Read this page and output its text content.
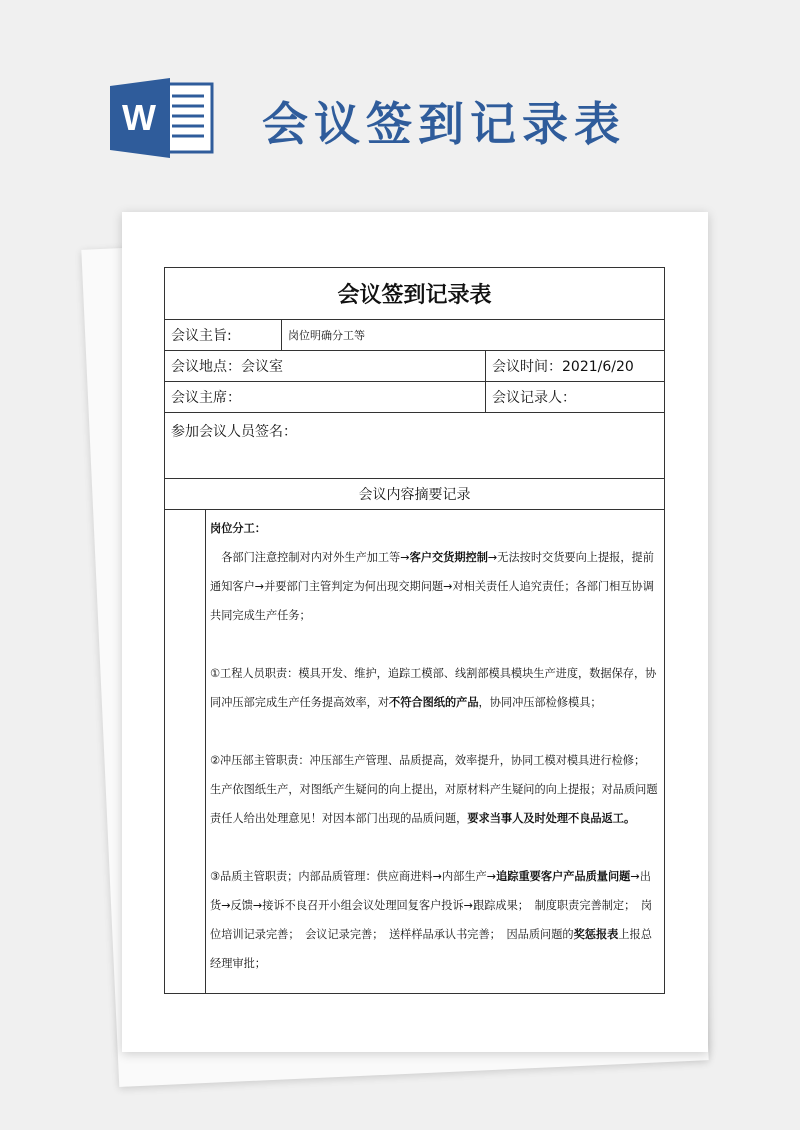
W 会议签到记录表
会议签到记录表
会议主旨:	岗位明确分工等
会议地点：会议室	会议时间：2021/6/20
会议主席：	会议记录人：
参加会议人员签名：
会议内容摘要记录

岗位分工：

　各部门注意控制对内对外生产加工等→客户交货期控制→无法按时交货要向上提报，提前通知客户→并要部门主管判定为何出现交期问题→对相关责任人追究责任；各部门相互协调共同完成生产任务；

①工程人员职责：模具开发、维护，追踪工模部、线割部模具模块生产进度，数据保存，协同冲压部完成生产任务提高效率，对不符合图纸的产品，协同冲压部检修模具；

②冲压部主管职责：冲压部生产管理、品质提高，效率提升，协同工模对模具进行检修；　生产依图纸生产，对图纸产生疑问的向上提出，对原材料产生疑问的向上提报；对品质问题责任人给出处理意见！对因本部门出现的品质问题，要求当事人及时处理不良品返工。

③品质主管职责；内部品质管理：供应商进料→内部生产→追踪重要客户产品质量问题→出货→反馈→接诉不良召开小组会议处理回复客户投诉→跟踪成果；　制度职责完善制定；　岗位培训记录完善；　会议记录完善；　送样样品承认书完善；　因品质问题的奖惩报表上报总经理审批；
